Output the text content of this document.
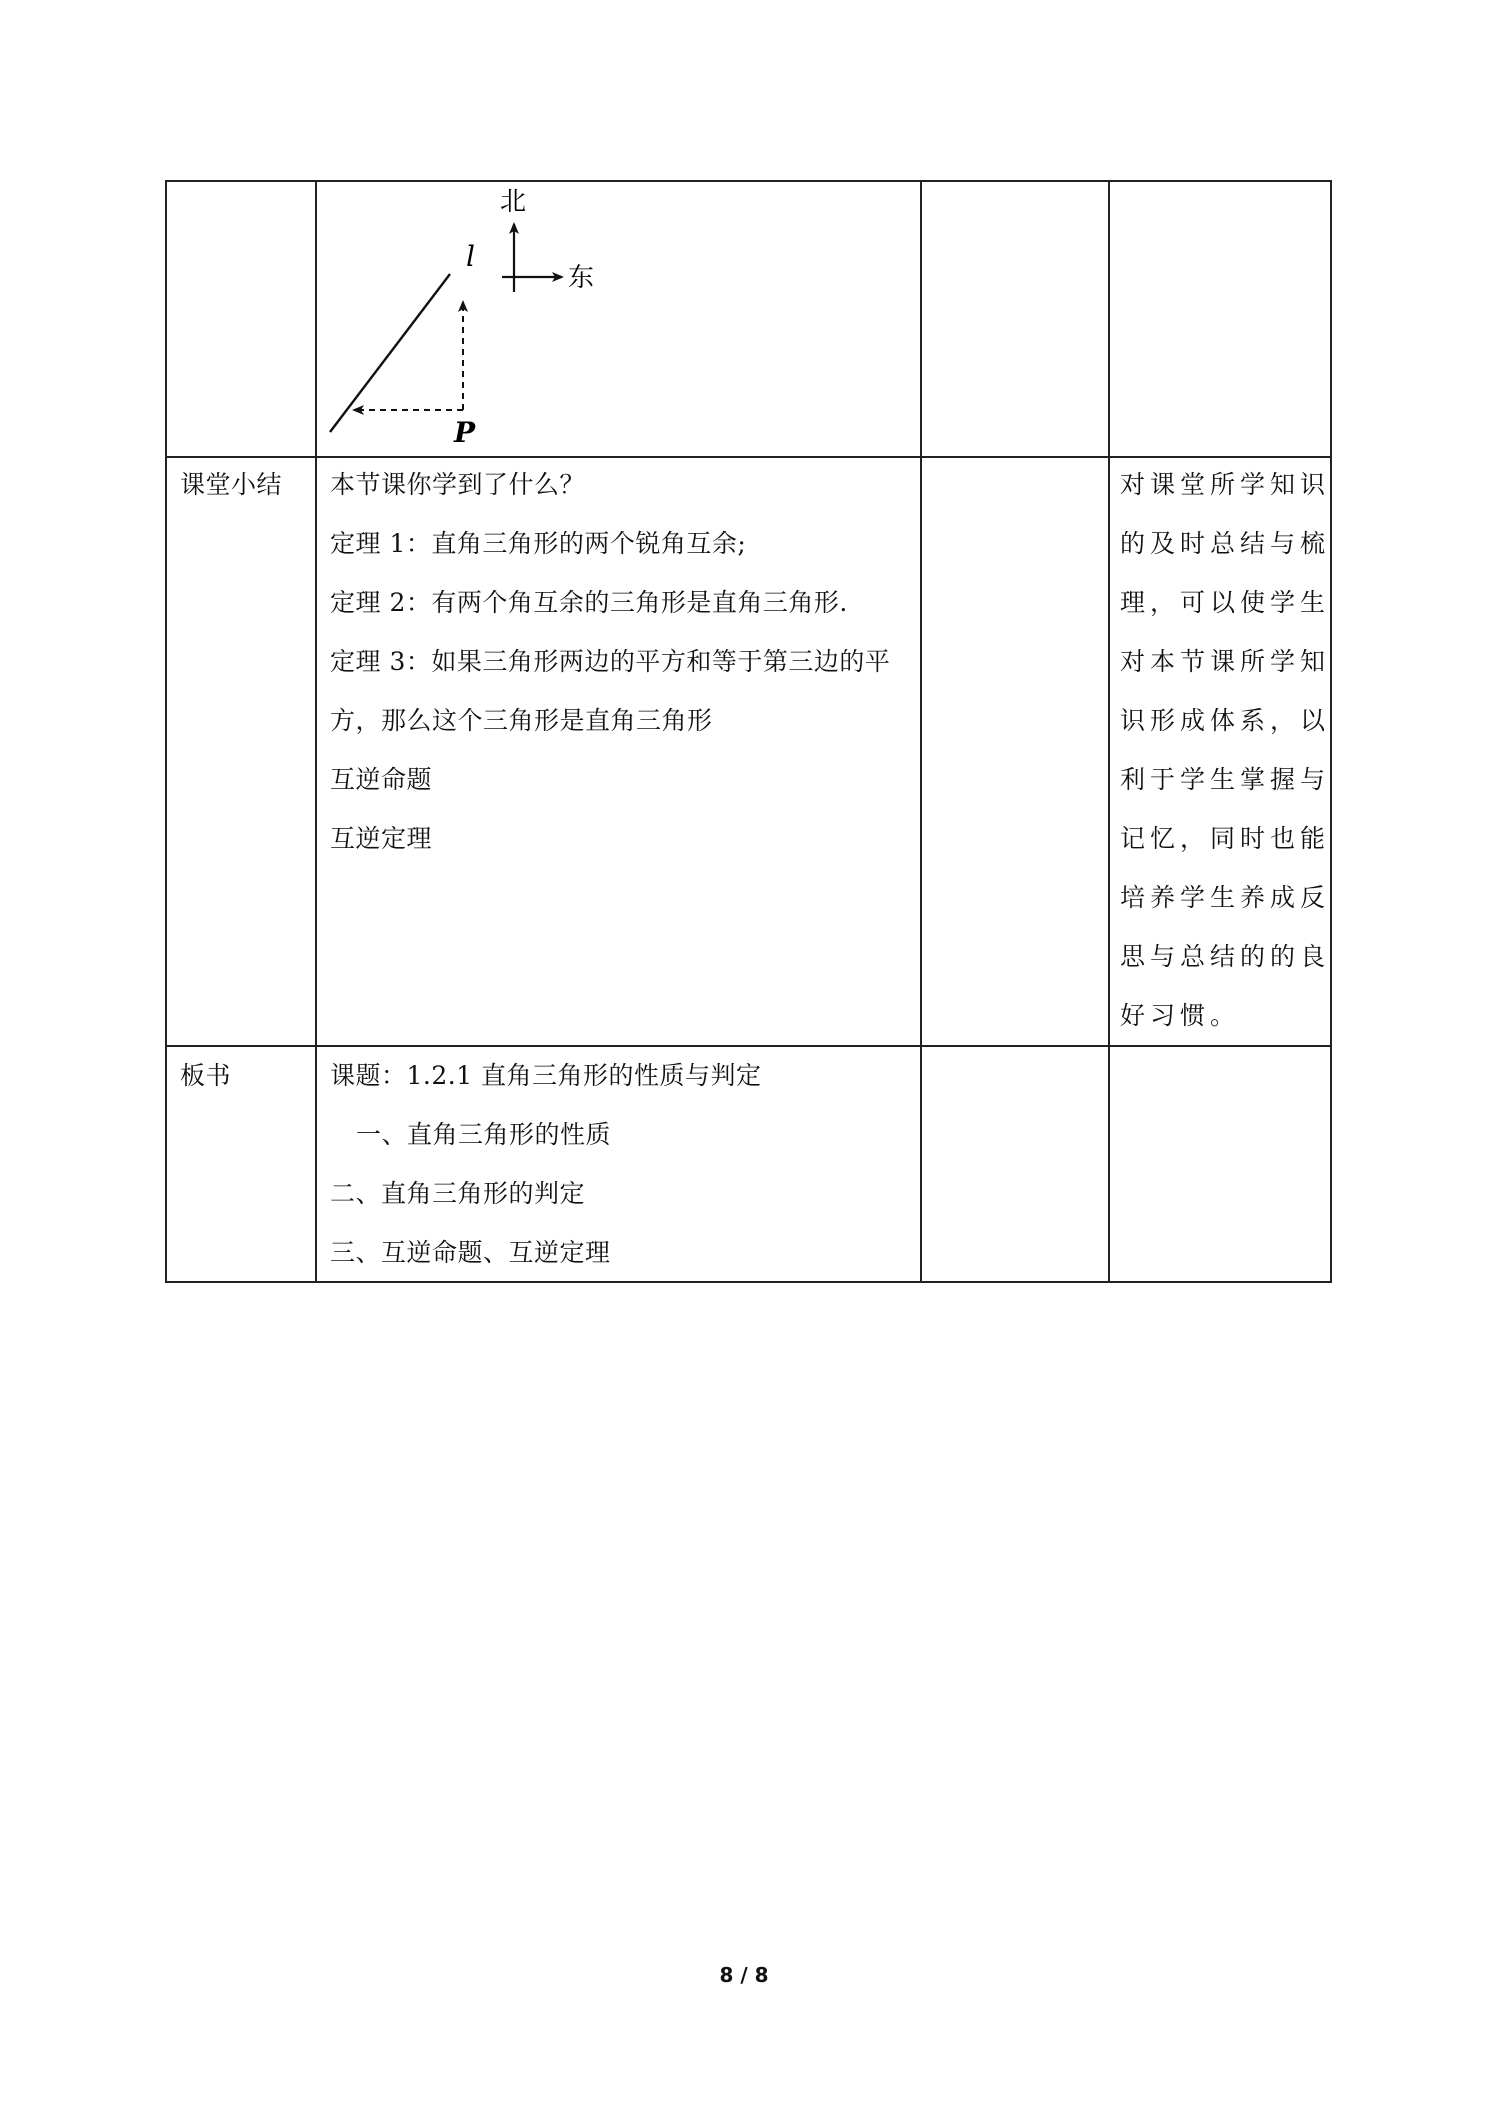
北
东
l
P
课堂小结 本节课你学到了什么？
定理 1：直角三角形的两个锐角互余;
定理 2：有两个角互余的三角形是直角三角形.
定理 3：如果三角形两边的平方和等于第三边的平
方，那么这个三角形是直角三角形
互逆命题
互逆定理
对课堂所学知识
的及时总结与梳
理，可以使学生
对本节课所学知
识形成体系，以
利于学生掌握与
记忆，同时也能
培养学生养成反
思与总结的的良
好习惯。
板书	课题：1.2.1 直角三角形的性质与判定
一、直角三角形的性质
二、直角三角形的判定
三、互逆命题、互逆定理
8 / 8
